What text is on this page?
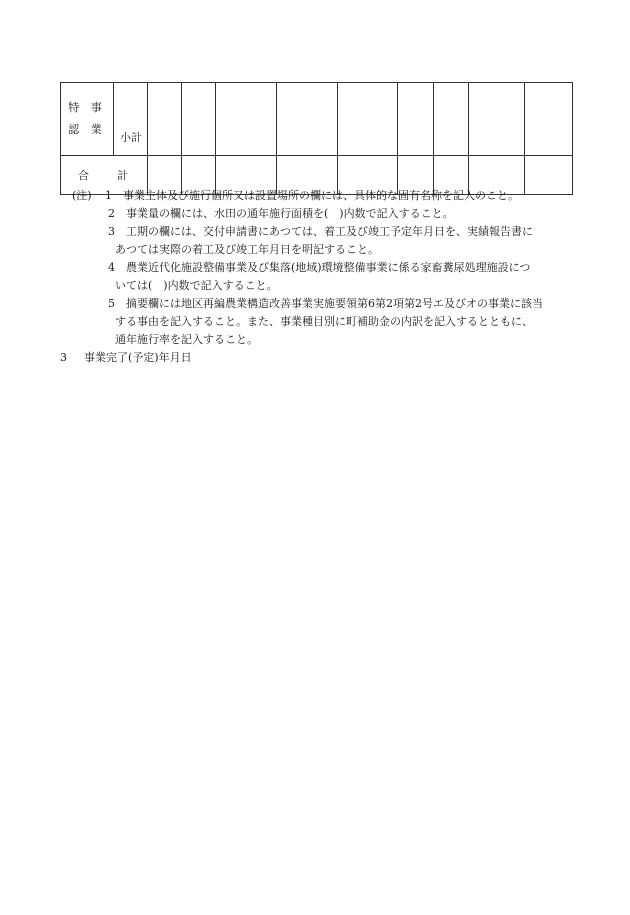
特 事
認 業	小計									
合 計										
(注) 1 事業主体及び施行個所又は設置場所の欄には、具体的な固有名称を記入のこと。
2 事業量の欄には、水田の通年施行面積を(　)内数で記入すること。
3 工期の欄には、交付申請書にあつては、着工及び竣工予定年月日を、実績報告書に
あつては実際の着工及び竣工年月日を明記すること。
4 農業近代化施設整備事業及び集落(地域)環境整備事業に係る家畜糞尿処理施設につ
いては(　)内数で記入すること。
5 摘要欄には地区再編農業構造改善事業実施要領第6第2項第2号エ及びオの事業に該当
する事由を記入すること。また、事業種目別に町補助金の内訳を記入するとともに、
通年施行率を記入すること。
3 事業完了(予定)年月日
